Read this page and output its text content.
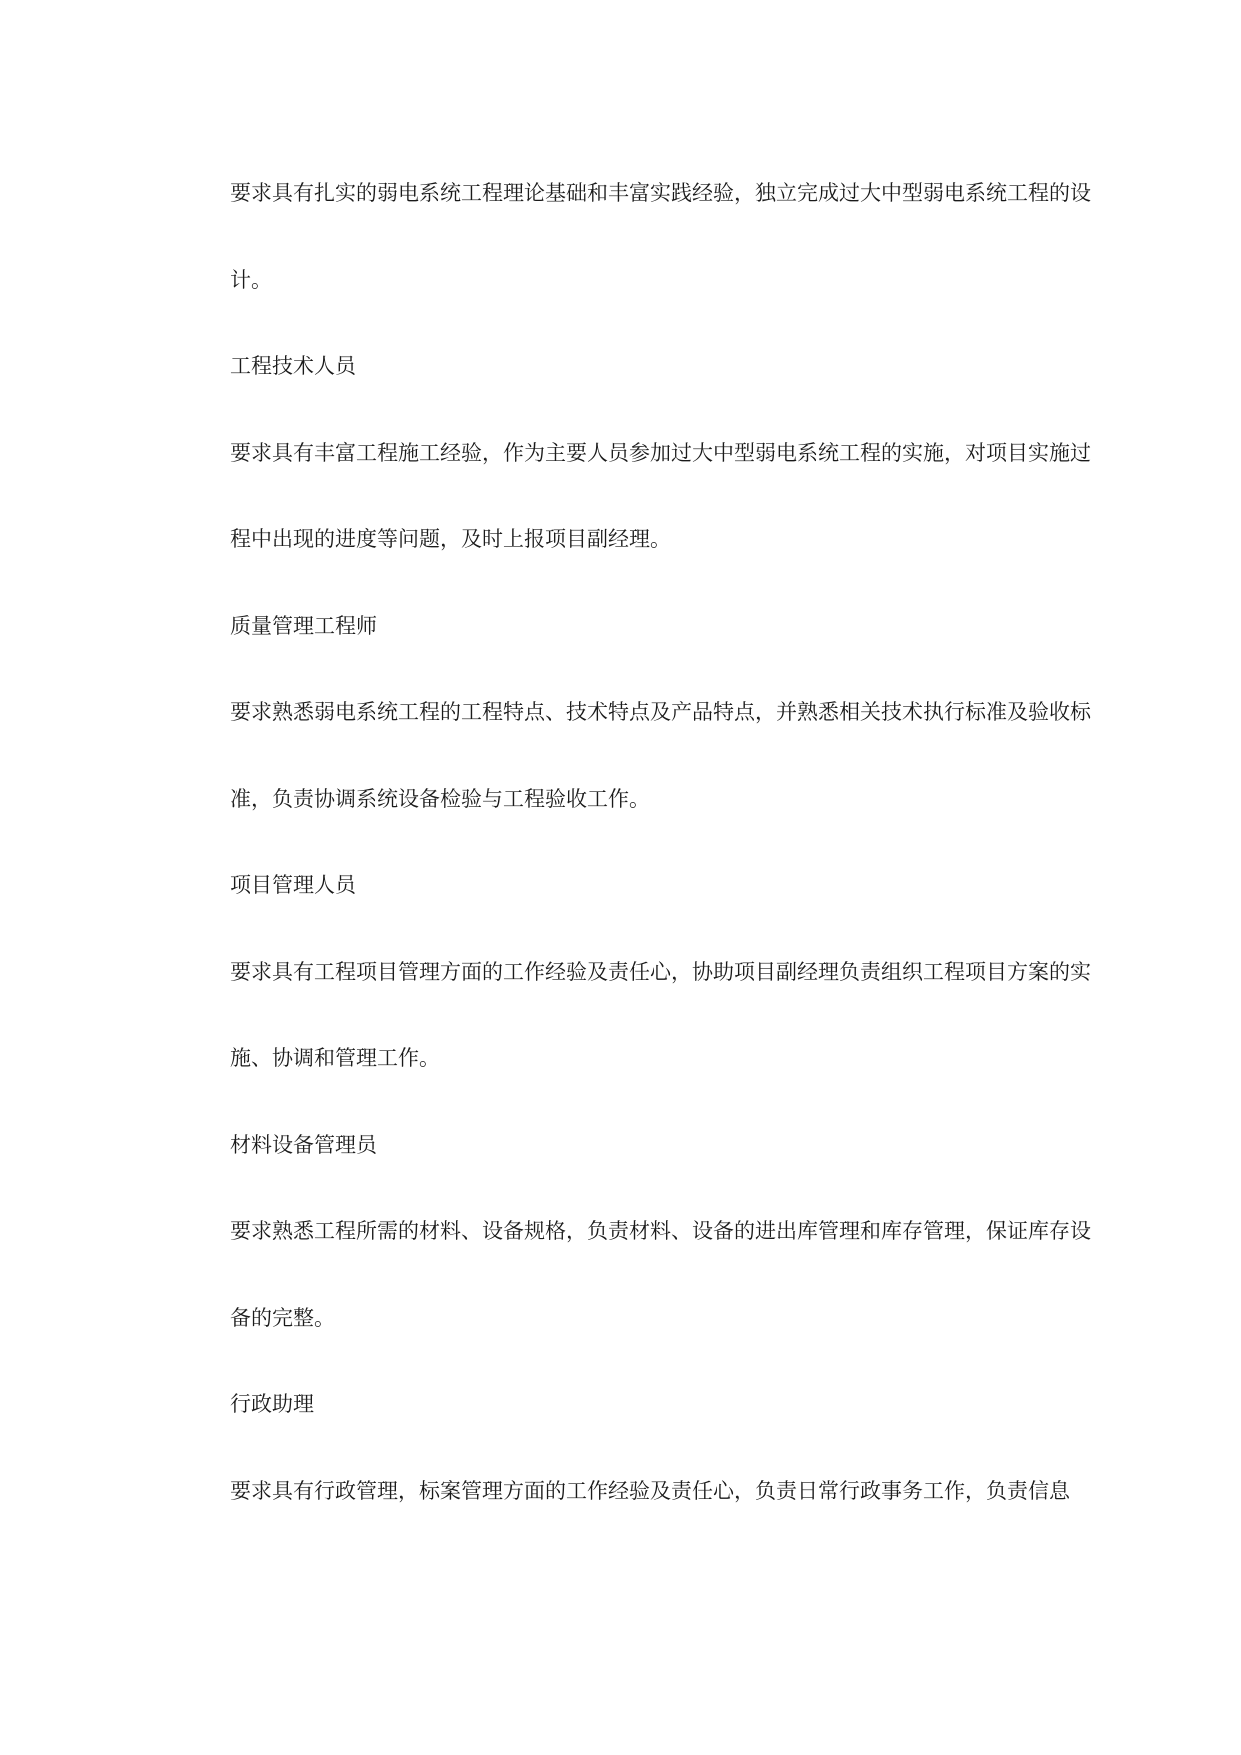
要求具有扎实的弱电系统工程理论基础和丰富实践经验，独立完成过大中型弱电系统工程的设
计。
工程技术人员
要求具有丰富工程施工经验，作为主要人员参加过大中型弱电系统工程的实施，对项目实施过
程中出现的进度等问题，及时上报项目副经理。
质量管理工程师
要求熟悉弱电系统工程的工程特点、技术特点及产品特点，并熟悉相关技术执行标准及验收标
准，负责协调系统设备检验与工程验收工作。
项目管理人员
要求具有工程项目管理方面的工作经验及责任心，协助项目副经理负责组织工程项目方案的实
施、协调和管理工作。
材料设备管理员
要求熟悉工程所需的材料、设备规格，负责材料、设备的进出库管理和库存管理，保证库存设
备的完整。
行政助理
要求具有行政管理，标案管理方面的工作经验及责任心，负责日常行政事务工作，负责信息
